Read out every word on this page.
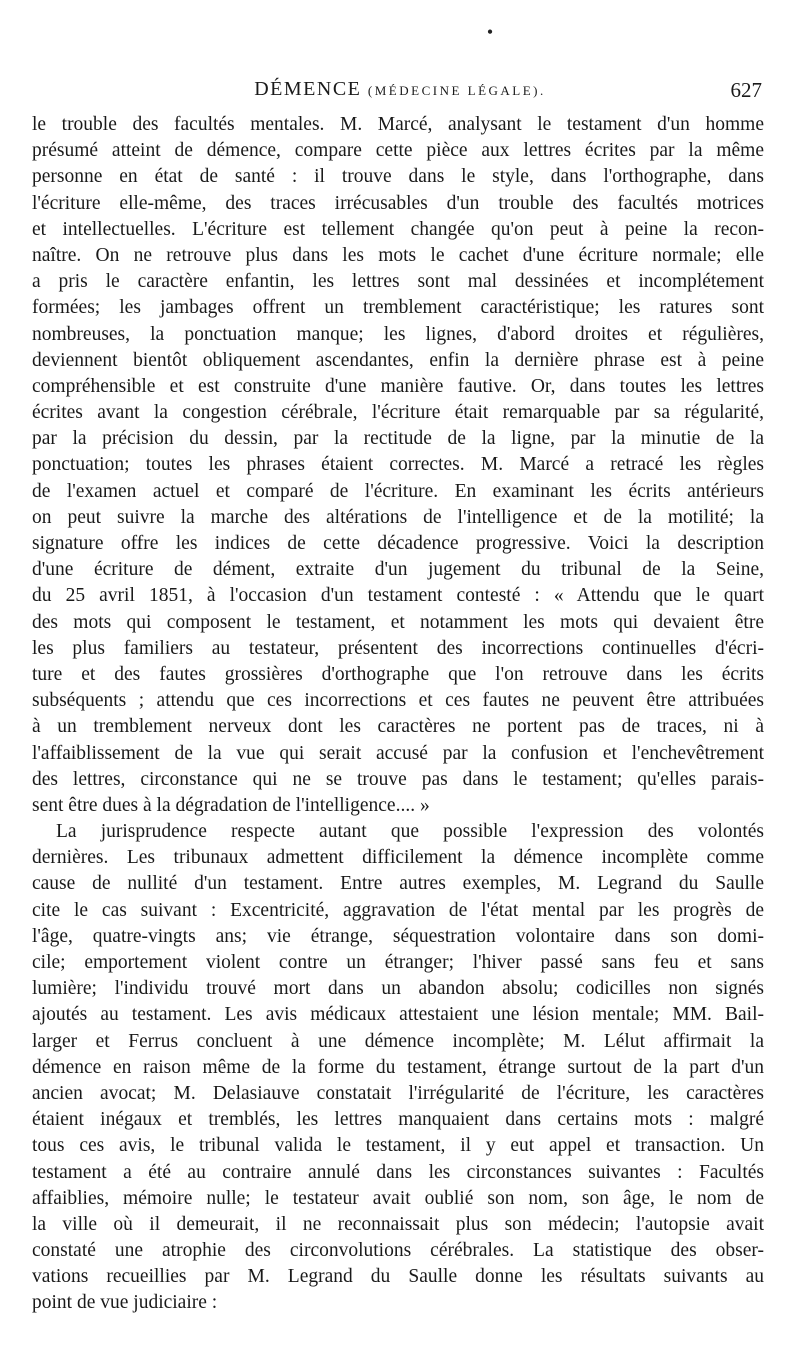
•
DÉMENCE (MÉDECINE LÉGALE).	627
le trouble des facultés mentales. M. Marcé, analysant le testament d'un homme
présumé atteint de démence, compare cette pièce aux lettres écrites par la même
personne en état de santé : il trouve dans le style, dans l'orthographe, dans
l'écriture elle-même, des traces irrécusables d'un trouble des facultés motrices
et intellectuelles. L'écriture est tellement changée qu'on peut à peine la recon-
naître. On ne retrouve plus dans les mots le cachet d'une écriture normale; elle
a pris le caractère enfantin, les lettres sont mal dessinées et incomplétement
formées; les jambages offrent un tremblement caractéristique; les ratures sont
nombreuses, la ponctuation manque; les lignes, d'abord droites et régulières,
deviennent bientôt obliquement ascendantes, enfin la dernière phrase est à peine
compréhensible et est construite d'une manière fautive. Or, dans toutes les lettres
écrites avant la congestion cérébrale, l'écriture était remarquable par sa régularité,
par la précision du dessin, par la rectitude de la ligne, par la minutie de la
ponctuation; toutes les phrases étaient correctes. M. Marcé a retracé les règles
de l'examen actuel et comparé de l'écriture. En examinant les écrits antérieurs
on peut suivre la marche des altérations de l'intelligence et de la motilité; la
signature offre les indices de cette décadence progressive. Voici la description
d'une écriture de dément, extraite d'un jugement du tribunal de la Seine,
du 25 avril 1851, à l'occasion d'un testament contesté : « Attendu que le quart
des mots qui composent le testament, et notamment les mots qui devaient être
les plus familiers au testateur, présentent des incorrections continuelles d'écri-
ture et des fautes grossières d'orthographe que l'on retrouve dans les écrits
subséquents ; attendu que ces incorrections et ces fautes ne peuvent être attribuées
à un tremblement nerveux dont les caractères ne portent pas de traces, ni à
l'affaiblissement de la vue qui serait accusé par la confusion et l'enchevêtrement
des lettres, circonstance qui ne se trouve pas dans le testament; qu'elles parais-
sent être dues à la dégradation de l'intelligence.... »
La jurisprudence respecte autant que possible l'expression des volontés
dernières. Les tribunaux admettent difficilement la démence incomplète comme
cause de nullité d'un testament. Entre autres exemples, M. Legrand du Saulle
cite le cas suivant : Excentricité, aggravation de l'état mental par les progrès de
l'âge, quatre-vingts ans; vie étrange, séquestration volontaire dans son domi-
cile; emportement violent contre un étranger; l'hiver passé sans feu et sans
lumière; l'individu trouvé mort dans un abandon absolu; codicilles non signés
ajoutés au testament. Les avis médicaux attestaient une lésion mentale; MM. Bail-
larger et Ferrus concluent à une démence incomplète; M. Lélut affirmait la
démence en raison même de la forme du testament, étrange surtout de la part d'un
ancien avocat; M. Delasiauve constatait l'irrégularité de l'écriture, les caractères
étaient inégaux et tremblés, les lettres manquaient dans certains mots : malgré
tous ces avis, le tribunal valida le testament, il y eut appel et transaction. Un
testament a été au contraire annulé dans les circonstances suivantes : Facultés
affaiblies, mémoire nulle; le testateur avait oublié son nom, son âge, le nom de
la ville où il demeurait, il ne reconnaissait plus son médecin; l'autopsie avait
constaté une atrophie des circonvolutions cérébrales. La statistique des obser-
vations recueillies par M. Legrand du Saulle donne les résultats suivants au
point de vue judiciaire :
